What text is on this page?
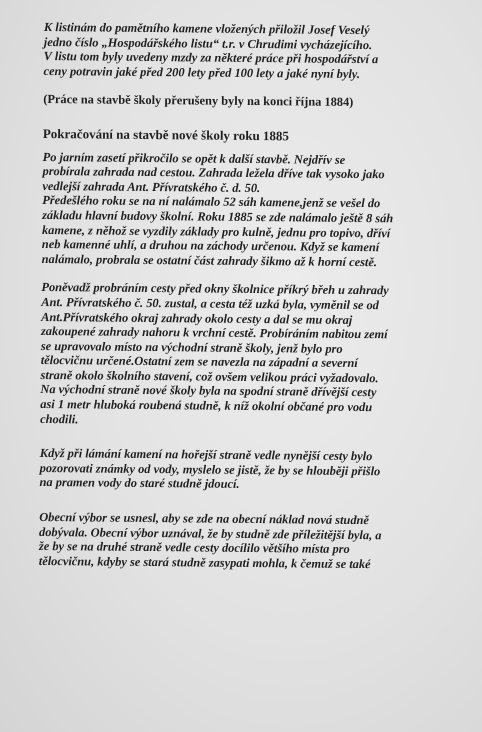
K listinám do pamětního kamene vložených přiložil Josef Veselý
jedno číslo „Hospodářského listu“ t.r. v Chrudimi vycházejícího.
V listu tom byly uvedeny mzdy za některé práce při hospodářství a
ceny potravin jaké před 200 lety před 100 lety a jaké nyní byly.
(Práce na stavbě školy přerušeny byly na konci října 1884)
Pokračování na stavbě nové školy roku 1885
Po jarním zasetí přikročilo se opět k další stavbě. Nejdřív se
probírala zahrada nad cestou. Zahrada ležela dříve tak vysoko jako
vedlejší zahrada Ant. Přívratského č. d. 50.
Předešlého roku se na ní nalámalo 52 sáh kamene,jenž se vešel do
základu hlavní budovy školní. Roku 1885 se zde nalámalo ještě 8 sáh
kamene, z něhož se vyzdily základy pro kulně, jednu pro topivo, dříví
neb kamenné uhlí, a druhou na záchody určenou. Když se kamení
nalámalo, probrala se ostatní část zahrady šikmo až k horní cestě.
Poněvadž probráním cesty před okny školnice příkrý břeh u zahrady
Ant. Přívratského č. 50. zustal, a cesta též uzká byla, vyměnil se od
Ant.Přívratského okraj zahrady okolo cesty a dal se mu okraj
zakoupené zahrady nahoru k vrchní cestě. Probíráním nabitou zemí
se upravovalo místo na východní straně školy, jenž bylo pro
tělocvičnu určené.Ostatní zem se navezla na západní a severní
straně okolo školního stavení, což ovšem velikou práci vyžadovalo.
Na východní straně nové školy byla na spodní straně dřívější cesty
asi 1 metr hluboká roubená studně, k níž okolní občané pro vodu
chodili.
Když při lámání kamení na hořejší straně vedle nynější cesty bylo
pozorovati známky od vody, myslelo se jistě, že by se hlouběji přišlo
na pramen vody do staré studně jdoucí.
Obecní výbor se usnesl, aby se zde na obecní náklad nová studně
dobývala. Obecní výbor uznával, že by studně zde příležitější byla, a
že by se na druhé straně vedle cesty docílilo většího místa pro
tělocvičnu, kdyby se stará studně zasypati mohla, k čemuž se také
